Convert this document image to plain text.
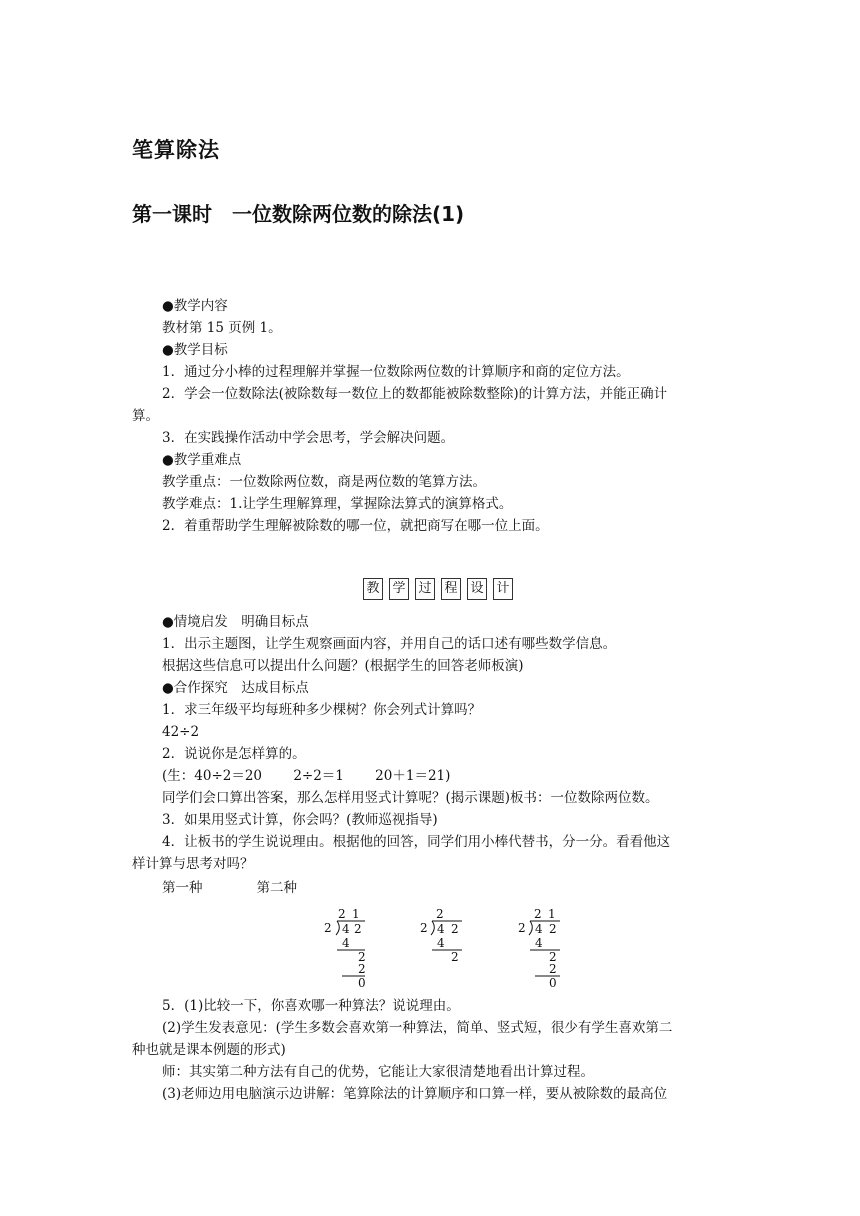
笔算除法
第一课时　一位数除两位数的除法(1)
●教学内容
教材第 15 页例 1。
●教学目标
1．通过分小棒的过程理解并掌握一位数除两位数的计算顺序和商的定位方法。
2．学会一位数除法(被除数每一数位上的数都能被除数整除)的计算方法，并能正确计
算。
3．在实践操作活动中学会思考，学会解决问题。
●教学重难点
教学重点：一位数除两位数，商是两位数的笔算方法。
教学难点：1.让学生理解算理，掌握除法算式的演算格式。
2．着重帮助学生理解被除数的哪一位，就把商写在哪一位上面。
教 学 过 程 设 计
●情境启发　明确目标点
1．出示主题图，让学生观察画面内容，并用自己的话口述有哪些数学信息。
根据这些信息可以提出什么问题？(根据学生的回答老师板演)
●合作探究　达成目标点
1．求三年级平均每班种多少棵树？你会列式计算吗？
42÷2
2．说说你是怎样算的。
(生：40÷2＝20　　 2÷2＝1　　 20＋1＝21)
同学们会口算出答案，那么怎样用竖式计算呢？(揭示课题)板书：一位数除两位数。
3．如果用竖式计算，你会吗？(教师巡视指导)
4．让板书的学生说说理由。根据他的回答，同学们用小棒代替书，分一分。看看他这
样计算与思考对吗？
第一种　　　　第二种
2 1
2 4 2
4
2
2
0
2
2 4 2
4
2
2 1
2 4 2
4
2
2
0
5．(1)比较一下，你喜欢哪一种算法？说说理由。
(2)学生发表意见：(学生多数会喜欢第一种算法，简单、竖式短，很少有学生喜欢第二
种也就是课本例题的形式)
师：其实第二种方法有自己的优势，它能让大家很清楚地看出计算过程。
(3)老师边用电脑演示边讲解：笔算除法的计算顺序和口算一样，要从被除数的最高位
